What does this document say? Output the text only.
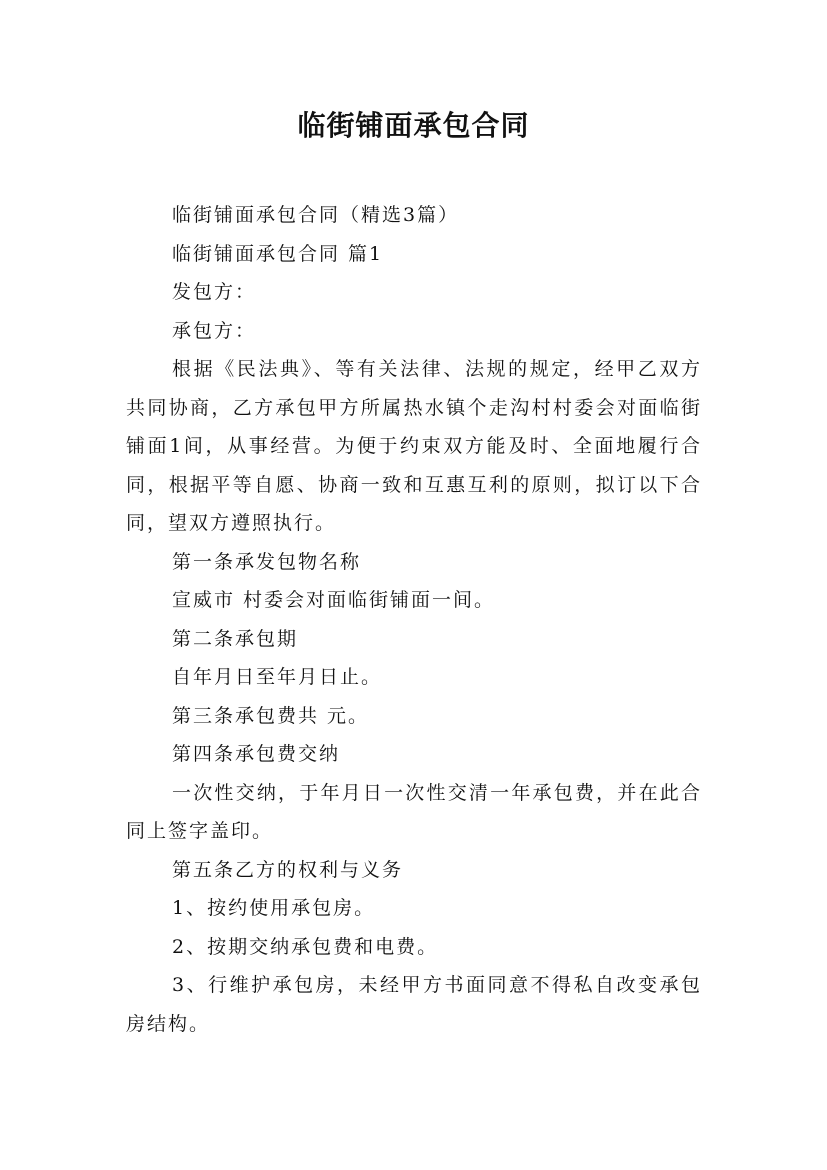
临街铺面承包合同

临街铺面承包合同（精选3篇）

临街铺面承包合同 篇1

发包方：

承包方：

根据《民法典》、等有关法律、法规的规定，经甲乙双方共同协商，乙方承包甲方所属热水镇个走沟村村委会对面临街铺面1间，从事经营。为便于约束双方能及时、全面地履行合同，根据平等自愿、协商一致和互惠互利的原则，拟订以下合同，望双方遵照执行。

第一条承发包物名称

宣威市 村委会对面临街铺面一间。

第二条承包期

自年月日至年月日止。

第三条承包费共 元。

第四条承包费交纳

一次性交纳，于年月日一次性交清一年承包费，并在此合同上签字盖印。

第五条乙方的权利与义务

1、按约使用承包房。

2、按期交纳承包费和电费。

3、行维护承包房，未经甲方书面同意不得私自改变承包房结构。
